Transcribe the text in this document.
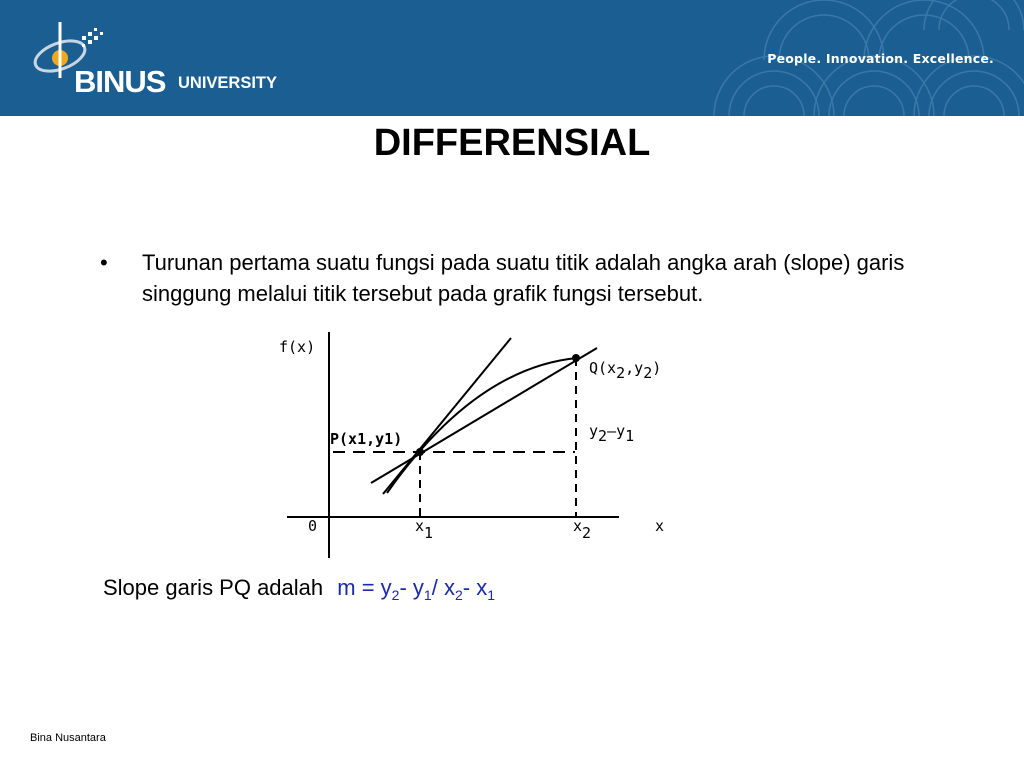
BINUS UNIVERSITY
People. Innovation. Excellence.
DIFFERENSIAL
• Turunan pertama suatu fungsi pada suatu titik adalah angka arah (slope) garis singgung melalui titik tersebut pada grafik fungsi tersebut.
f(x)
x
0
P(x1,y1)
Q(x2,y2)
y2–y1
x1	x2
Slope garis PQ adalah $m = y_2-$ $y_1/$ $x_2-$ $x_1$
Bina Nusantara
